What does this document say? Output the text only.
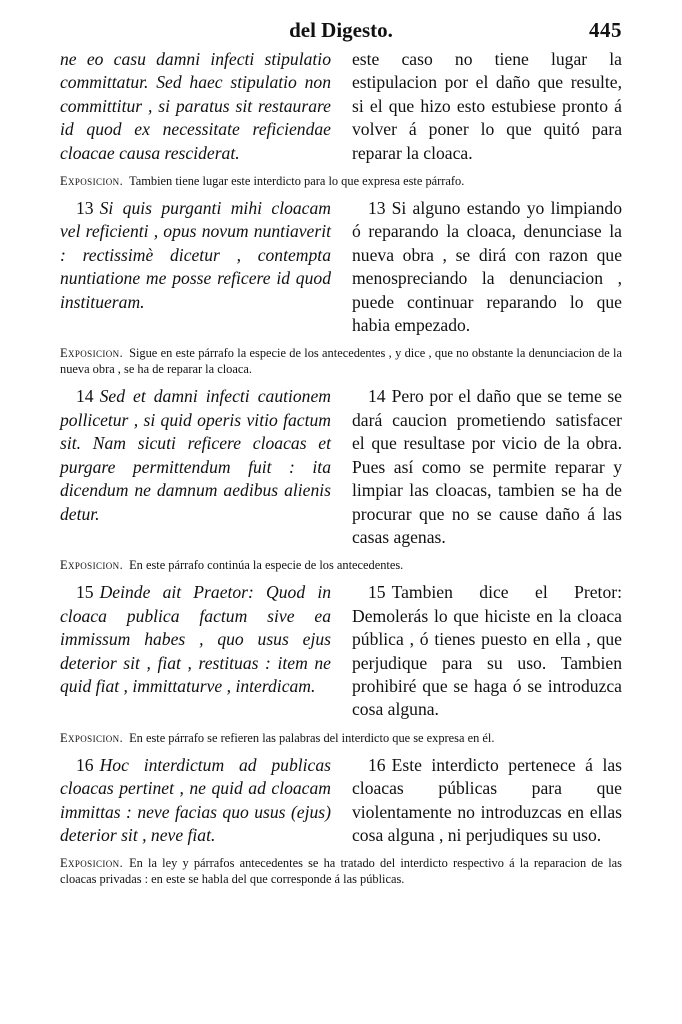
del Digesto.	445
ne eo casu damni infecti stipulatio committatur. Sed haec stipulatio non committitur , si paratus sit restaurare id quod ex necessitate reficiendae cloacae causa resciderat.
este caso no tiene lugar la estipulacion por el daño que resulte, si el que hizo esto estubiese pronto á volver á poner lo que quitó para reparar la cloaca.
Exposicion. Tambien tiene lugar este interdicto para lo que expresa este párrafo.
13 Si quis purganti mihi cloacam vel reficienti , opus novum nuntiaverit : rectissimè dicetur , contempta nuntiatione me posse reficere id quod institueram.
13 Si alguno estando yo limpiando ó reparando la cloaca, denunciase la nueva obra , se dirá con razon que menospreciando la denunciacion , puede continuar reparando lo que habia empezado.
Exposicion. Sigue en este párrafo la especie de los antecedentes , y dice , que no obstante la denunciacion de la nueva obra , se ha de reparar la cloaca.
14 Sed et damni infecti cautionem pollicetur , si quid operis vitio factum sit. Nam sicuti reficere cloacas et purgare permittendum fuit : ita dicendum ne damnum aedibus alienis detur.
14 Pero por el daño que se teme se dará caucion prometiendo satisfacer el que resultase por vicio de la obra. Pues así como se permite reparar y limpiar las cloacas, tambien se ha de procurar que no se cause daño á las casas agenas.
Exposicion. En este párrafo continúa la especie de los antecedentes.
15 Deinde ait Praetor: Quod in cloaca publica factum sive ea immissum habes , quo usus ejus deterior sit , fiat , restituas : item ne quid fiat , immittaturve , interdicam.
15 Tambien dice el Pretor: Demolerás lo que hiciste en la cloaca pública , ó tienes puesto en ella , que perjudique para su uso. Tambien prohibiré que se haga ó se introduzca cosa alguna.
Exposicion. En este párrafo se refieren las palabras del interdicto que se expresa en él.
16 Hoc interdictum ad publicas cloacas pertinet , ne quid ad cloacam immittas : neve facias quo usus (ejus) deterior sit , neve fiat.
16 Este interdicto pertenece á las cloacas públicas para que violentamente no introduzcas en ellas cosa alguna , ni perjudiques su uso.
Exposicion. En la ley y párrafos antecedentes se ha tratado del interdicto respectivo á la reparacion de las cloacas privadas : en este se habla del que corresponde á las públicas.
